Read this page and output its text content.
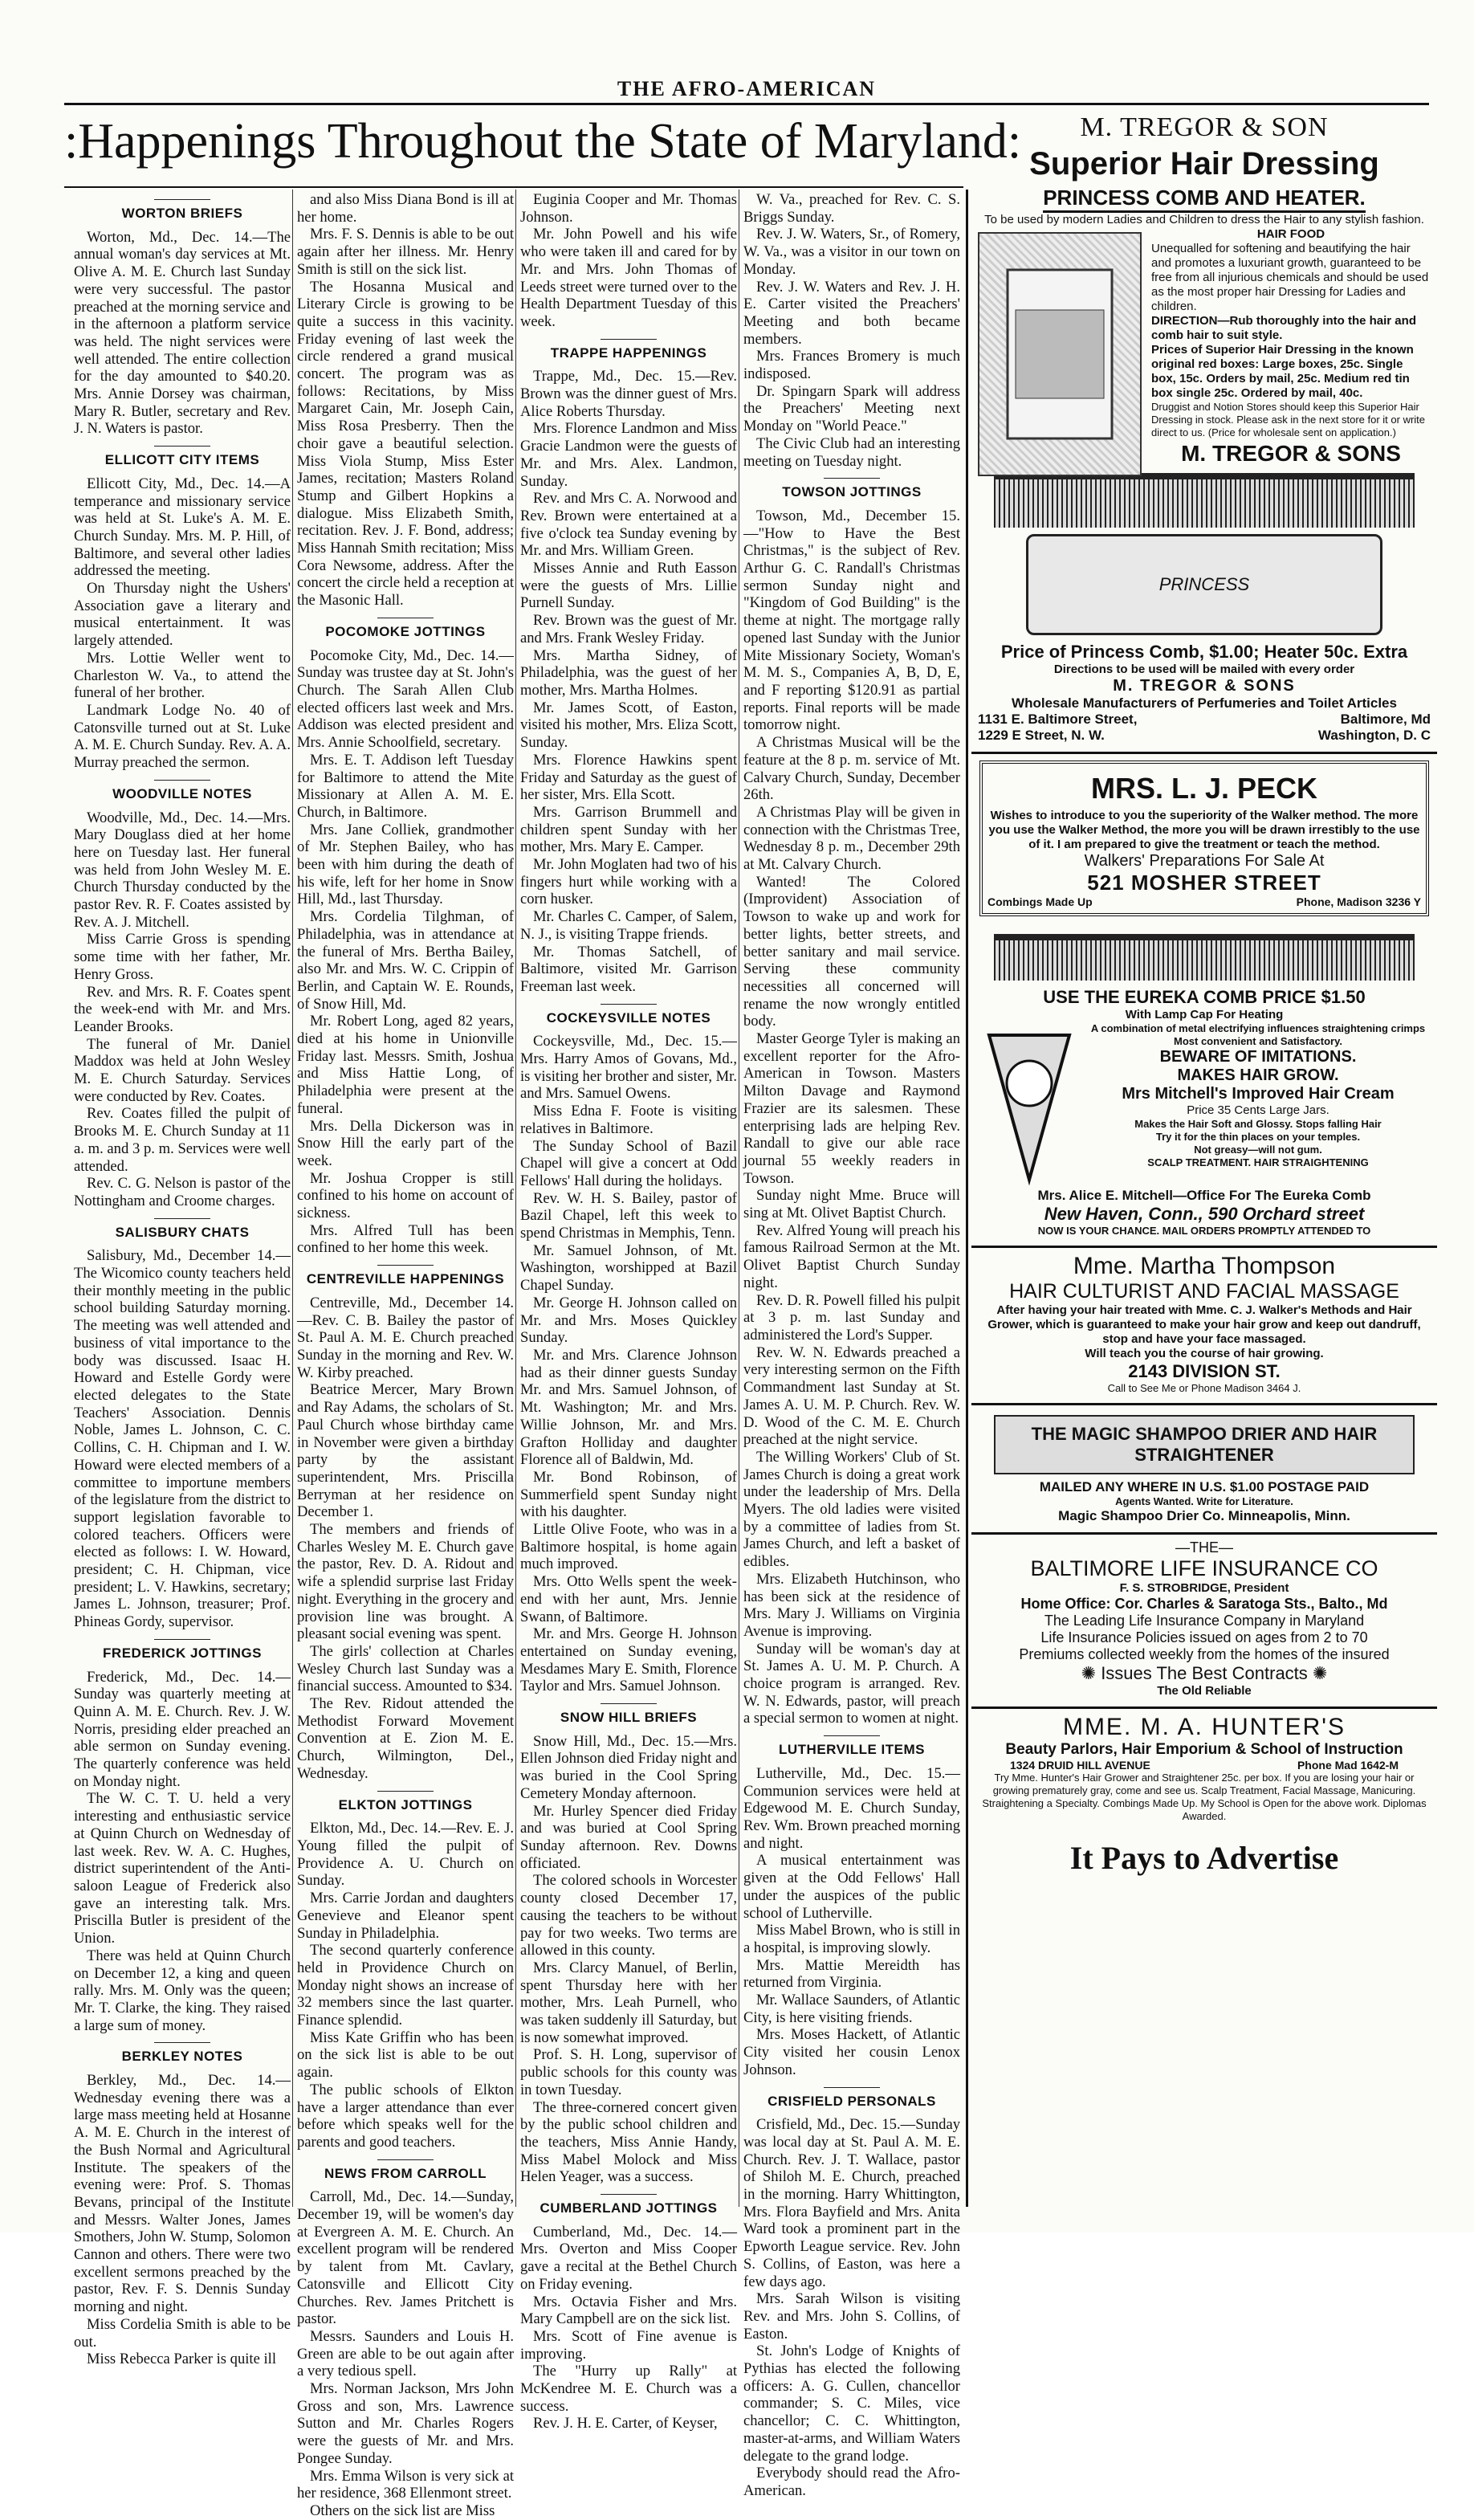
THE AFRO-AMERICAN
:Happenings Throughout the State of Maryland:
WORTON BRIEFS

Worton, Md., Dec. 14.—The annual woman's day services at Mt. Olive A. M. E. Church last Sunday were very successful. The pastor preached at the morning service and in the afternoon a platform service was held. The night services were well attended. The entire collection for the day amounted to $40.20. Mrs. Annie Dorsey was chairman, Mary R. Butler, secretary and Rev. J. N. Waters is pastor.

ELLICOTT CITY ITEMS

Ellicott City, Md., Dec. 14.—A temperance and missionary service was held at St. Luke's A. M. E. Church Sunday. Mrs. M. P. Hill, of Baltimore, and several other ladies addressed the meeting.

On Thursday night the Ushers' Association gave a literary and musical entertainment. It was largely attended.

Mrs. Lottie Weller went to Charleston W. Va., to attend the funeral of her brother.

Landmark Lodge No. 40 of Catonsville turned out at St. Luke A. M. E. Church Sunday. Rev. A. A. Murray preached the sermon.

WOODVILLE NOTES

Woodville, Md., Dec. 14.—Mrs. Mary Douglass died at her home here on Tuesday last. Her funeral was held from John Wesley M. E. Church Thursday conducted by the pastor Rev. R. F. Coates assisted by Rev. A. J. Mitchell.

Miss Carrie Gross is spending some time with her father, Mr. Henry Gross.

Rev. and Mrs. R. F. Coates spent the week-end with Mr. and Mrs. Leander Brooks.

The funeral of Mr. Daniel Maddox was held at John Wesley M. E. Church Saturday. Services were conducted by Rev. Coates.

Rev. Coates filled the pulpit of Brooks M. E. Church Sunday at 11 a. m. and 3 p. m. Services were well attended.

Rev. C. G. Nelson is pastor of the Nottingham and Croome charges.

SALISBURY CHATS

Salisbury, Md., December 14.—The Wicomico county teachers held their monthly meeting in the public school building Saturday morning. The meeting was well attended and business of vital importance to the body was discussed. Isaac H. Howard and Estelle Gordy were elected delegates to the State Teachers' Association. Dennis Noble, James L. Johnson, C. C. Collins, C. H. Chipman and I. W. Howard were elected members of a committee to importune members of the legislature from the district to support legislation favorable to colored teachers. Officers were elected as follows: I. W. Howard, president; C. H. Chipman, vice president; L. V. Hawkins, secretary; James L. Johnson, treasurer; Prof. Phineas Gordy, supervisor.

FREDERICK JOTTINGS

Frederick, Md., Dec. 14.—Sunday was quarterly meeting at Quinn A. M. E. Church. Rev. J. W. Norris, presiding elder preached an able sermon on Sunday evening. The quarterly conference was held on Monday night.

The W. C. T. U. held a very interesting and enthusiastic service at Quinn Church on Wednesday of last week. Rev. W. A. C. Hughes, district superintendent of the Anti-saloon League of Frederick also gave an interesting talk. Mrs. Priscilla Butler is president of the Union.

There was held at Quinn Church on December 12, a king and queen rally. Mrs. M. Only was the queen; Mr. T. Clarke, the king. They raised a large sum of money.

BERKLEY NOTES

Berkley, Md., Dec. 14.—Wednesday evening there was a large mass meeting held at Hosanne A. M. E. Church in the interest of the Bush Normal and Agricultural Institute. The speakers of the evening were: Prof. S. Thomas Bevans, principal of the Institute and Messrs. Walter Jones, James Smothers, John W. Stump, Solomon Cannon and others. There were two excellent sermons preached by the pastor, Rev. F. S. Dennis Sunday morning and night.

Miss Cordelia Smith is able to be out.

Miss Rebecca Parker is quite ill

and also Miss Diana Bond is ill at her home.

Mrs. F. S. Dennis is able to be out again after her illness. Mr. Henry Smith is still on the sick list.

The Hosanna Musical and Literary Circle is growing to be quite a success in this vacinity. Friday evening of last week the circle rendered a grand musical concert. The program was as follows: Recitations, by Miss Margaret Cain, Mr. Joseph Cain, Miss Rosa Presberry. Then the choir gave a beautiful selection. Miss Viola Stump, Miss Ester James, recitation; Masters Roland Stump and Gilbert Hopkins a dialogue. Miss Elizabeth Smith, recitation. Rev. J. F. Bond, address; Miss Hannah Smith recitation; Miss Cora Newsome, address. After the concert the circle held a reception at the Masonic Hall.

POCOMOKE JOTTINGS

Pocomoke City, Md., Dec. 14.—Sunday was trustee day at St. John's Church. The Sarah Allen Club elected officers last week and Mrs. Addison was elected president and Mrs. Annie Schoolfield, secretary.

Mrs. E. T. Addison left Tuesday for Baltimore to attend the Mite Missionary at Allen A. M. E. Church, in Baltimore.

Mrs. Jane Colliek, grandmother of Mr. Stephen Bailey, who has been with him during the death of his wife, left for her home in Snow Hill, Md., last Thursday.

Mrs. Cordelia Tilghman, of Philadelphia, was in attendance at the funeral of Mrs. Bertha Bailey, also Mr. and Mrs. W. C. Crippin of Berlin, and Captain W. E. Rounds, of Snow Hill, Md.

Mr. Robert Long, aged 82 years, died at his home in Unionville Friday last. Messrs. Smith, Joshua and Miss Hattie Long, of Philadelphia were present at the funeral.

Mrs. Della Dickerson was in Snow Hill the early part of the week.

Mr. Joshua Cropper is still confined to his home on account of sickness.

Mrs. Alfred Tull has been confined to her home this week.

CENTREVILLE HAPPENINGS

Centreville, Md., December 14.—Rev. C. B. Bailey the pastor of St. Paul A. M. E. Church preached Sunday in the morning and Rev. W. W. Kirby preached.

Beatrice Mercer, Mary Brown and Ray Adams, the scholars of St. Paul Church whose birthday came in November were given a birthday party by the assistant superintendent, Mrs. Priscilla Berryman at her residence on December 1.

The members and friends of Charles Wesley M. E. Church gave the pastor, Rev. D. A. Ridout and wife a splendid surprise last Friday night. Everything in the grocery and provision line was brought. A pleasant social evening was spent.

The girls' collection at Charles Wesley Church last Sunday was a financial success. Amounted to $34.

The Rev. Ridout attended the Methodist Forward Movement Convention at E. Zion M. E. Church, Wilmington, Del., Wednesday.

ELKTON JOTTINGS

Elkton, Md., Dec. 14.—Rev. E. J. Young filled the pulpit of Providence A. U. Church on Sunday.

Mrs. Carrie Jordan and daughters Genevieve and Eleanor spent Sunday in Philadelphia.

The second quarterly conference held in Providence Church on Monday night shows an increase of 32 members since the last quarter. Finance splendid.

Miss Kate Griffin who has been on the sick list is able to be out again.

The public schools of Elkton have a larger attendance than ever before which speaks well for the parents and good teachers.

NEWS FROM CARROLL

Carroll, Md., Dec. 14.—Sunday, December 19, will be women's day at Evergreen A. M. E. Church. An excellent program will be rendered by talent from Mt. Cavlary, Catonsville and Ellicott City Churches. Rev. James Pritchett is pastor.

Messrs. Saunders and Louis H. Green are able to be out again after a very tedious spell.

Mrs. Norman Jackson, Mrs John Gross and son, Mrs. Lawrence Sutton and Mr. Charles Rogers were the guests of Mr. and Mrs. Pongee Sunday.

Mrs. Emma Wilson is very sick at her residence, 368 Ellenmont street.

Others on the sick list are Miss

Euginia Cooper and Mr. Thomas Johnson.

Mr. John Powell and his wife who were taken ill and cared for by Mr. and Mrs. John Thomas of Leeds street were turned over to the Health Department Tuesday of this week.

TRAPPE HAPPENINGS

Trappe, Md., Dec. 15.—Rev. Brown was the dinner guest of Mrs. Alice Roberts Thursday.

Mrs. Florence Landmon and Miss Gracie Landmon were the guests of Mr. and Mrs. Alex. Landmon, Sunday.

Rev. and Mrs C. A. Norwood and Rev. Brown were entertained at a five o'clock tea Sunday evening by Mr. and Mrs. William Green.

Misses Annie and Ruth Easson were the guests of Mrs. Lillie Purnell Sunday.

Rev. Brown was the guest of Mr. and Mrs. Frank Wesley Friday.

Mrs. Martha Sidney, of Philadelphia, was the guest of her mother, Mrs. Martha Holmes.

Mr. James Scott, of Easton, visited his mother, Mrs. Eliza Scott, Sunday.

Mrs. Florence Hawkins spent Friday and Saturday as the guest of her sister, Mrs. Ella Scott.

Mrs. Garrison Brummell and children spent Sunday with her mother, Mrs. Mary E. Camper.

Mr. John Moglaten had two of his fingers hurt while working with a corn husker.

Mr. Charles C. Camper, of Salem, N. J., is visiting Trappe friends.

Mr. Thomas Satchell, of Baltimore, visited Mr. Garrison Freeman last week.

COCKEYSVILLE NOTES

Cockeysville, Md., Dec. 15.—Mrs. Harry Amos of Govans, Md., is visiting her brother and sister, Mr. and Mrs. Samuel Owens.

Miss Edna F. Foote is visiting relatives in Baltimore.

The Sunday School of Bazil Chapel will give a concert at Odd Fellows' Hall during the holidays.

Rev. W. H. S. Bailey, pastor of Bazil Chapel, left this week to spend Christmas in Memphis, Tenn.

Mr. Samuel Johnson, of Mt. Washington, worshipped at Bazil Chapel Sunday.

Mr. George H. Johnson called on Mr. and Mrs. Moses Quickley Sunday.

Mr. and Mrs. Clarence Johnson had as their dinner guests Sunday Mr. and Mrs. Samuel Johnson, of Mt. Washington; Mr. and Mrs. Willie Johnson, Mr. and Mrs. Grafton Holliday and daughter Florence all of Baldwin, Md.

Mr. Bond Robinson, of Summerfield spent Sunday night with his daughter.

Little Olive Foote, who was in a Baltimore hospital, is home again much improved.

Mrs. Otto Wells spent the week-end with her aunt, Mrs. Jennie Swann, of Baltimore.

Mr. and Mrs. George H. Johnson entertained on Sunday evening, Mesdames Mary E. Smith, Florence Taylor and Mrs. Samuel Johnson.

SNOW HILL BRIEFS

Snow Hill, Md., Dec. 15.—Mrs. Ellen Johnson died Friday night and was buried in the Cool Spring Cemetery Monday afternoon.

Mr. Hurley Spencer died Friday and was buried at Cool Spring Sunday afternoon. Rev. Downs officiated.

The colored schools in Worcester county closed December 17, causing the teachers to be without pay for two weeks. Two terms are allowed in this county.

Mrs. Clarcy Manuel, of Berlin, spent Thursday here with her mother, Mrs. Leah Purnell, who was taken suddenly ill Saturday, but is now somewhat improved.

Prof. S. H. Long, supervisor of public schools for this county was in town Tuesday.

The three-cornered concert given by the public school children and the teachers, Miss Annie Handy, Miss Mabel Molock and Miss Helen Yeager, was a success.

CUMBERLAND JOTTINGS

Cumberland, Md., Dec. 14.—Mrs. Overton and Miss Cooper gave a recital at the Bethel Church on Friday evening.

Mrs. Octavia Fisher and Mrs. Mary Campbell are on the sick list.

Mrs. Scott of Fine avenue is improving.

The "Hurry up Rally" at McKendree M. E. Church was a success.

Rev. J. H. E. Carter, of Keyser,

W. Va., preached for Rev. C. S. Briggs Sunday.

Rev. J. W. Waters, Sr., of Romery, W. Va., was a visitor in our town on Monday.

Rev. J. W. Waters and Rev. J. H. E. Carter visited the Preachers' Meeting and both became members.

Mrs. Frances Bromery is much indisposed.

Dr. Spingarn Spark will address the Preachers' Meeting next Monday on "World Peace."

The Civic Club had an interesting meeting on Tuesday night.

TOWSON JOTTINGS

Towson, Md., December 15.—"How to Have the Best Christmas," is the subject of Rev. Arthur G. C. Randall's Christmas sermon Sunday night and "Kingdom of God Building" is the theme at night. The mortgage rally opened last Sunday with the Junior Mite Missionary Society, Woman's M. M. S., Companies A, B, D, E, and F reporting $120.91 as partial reports. Final reports will be made tomorrow night.

A Christmas Musical will be the feature at the 8 p. m. service of Mt. Calvary Church, Sunday, December 26th.

A Christmas Play will be given in connection with the Christmas Tree, Wednesday 8 p. m., December 29th at Mt. Calvary Church.

Wanted! The Colored (Improvident) Association of Towson to wake up and work for better lights, better streets, and better sanitary and mail service. Serving these community necessities all concerned will rename the now wrongly entitled body.

Master George Tyler is making an excellent reporter for the Afro-American in Towson. Masters Milton Davage and Raymond Frazier are its salesmen. These enterprising lads are helping Rev. Randall to give our able race journal 55 weekly readers in Towson.

Sunday night Mme. Bruce will sing at Mt. Olivet Baptist Church.

Rev. Alfred Young will preach his famous Railroad Sermon at the Mt. Olivet Baptist Church Sunday night.

Rev. D. R. Powell filled his pulpit at 3 p. m. last Sunday and administered the Lord's Supper.

Rev. W. N. Edwards preached a very interesting sermon on the Fifth Commandment last Sunday at St. James A. U. M. P. Church. Rev. W. D. Wood of the C. M. E. Church preached at the night service.

The Willing Workers' Club of St. James Church is doing a great work under the leadership of Mrs. Della Myers. The old ladies were visited by a committee of ladies from St. James Church, and left a basket of edibles.

Mrs. Elizabeth Hutchinson, who has been sick at the residence of Mrs. Mary J. Williams on Virginia Avenue is improving.

Sunday will be woman's day at St. James A. U. M. P. Church. A choice program is arranged. Rev. W. N. Edwards, pastor, will preach a special sermon to women at night.

LUTHERVILLE ITEMS

Lutherville, Md., Dec. 15.—Communion services were held at Edgewood M. E. Church Sunday, Rev. Wm. Brown preached morning and night.

A musical entertainment was given at the Odd Fellows' Hall under the auspices of the public school of Lutherville.

Miss Mabel Brown, who is still in a hospital, is improving slowly.

Mrs. Mattie Mereidth has returned from Virginia.

Mr. Wallace Saunders, of Atlantic City, is here visiting friends.

Mrs. Moses Hackett, of Atlantic City visited her cousin Lenox Johnson.

CRISFIELD PERSONALS

Crisfield, Md., Dec. 15.—Sunday was local day at St. Paul A. M. E. Church. Rev. J. T. Wallace, pastor of Shiloh M. E. Church, preached in the morning. Harry Whittington, Mrs. Flora Bayfield and Mrs. Anita Ward took a prominent part in the Epworth League service. Rev. John S. Collins, of Easton, was here a few days ago.

Mrs. Sarah Wilson is visiting Rev. and Mrs. John S. Collins, of Easton.

St. John's Lodge of Knights of Pythias has elected the following officers: A. G. Cullen, chancellor commander; S. C. Miles, vice chancellor; C. C. Whittington, master-at-arms, and William Waters delegate to the grand lodge.

Everybody should read the Afro-American.

M. TREGOR & SON
Superior Hair Dressing
PRINCESS COMB AND HEATER.
To be used by modern Ladies and Children to dress the Hair to any stylish fashion.
HAIR FOOD
Unequalled for softening and beautifying the hair and promotes a luxuriant growth, guaranteed to be free from all injurious chemicals and should be used as the most proper hair Dressing for Ladies and children.
DIRECTION—Rub thoroughly into the hair and comb hair to suit style.
Prices of Superior Hair Dressing in the known original red boxes: Large boxes, 25c. Single box, 15c. Orders by mail, 25c. Medium red tin box single 25c. Ordered by mail, 40c.
Druggist and Notion Stores should keep this Superior Hair Dressing in stock. Please ask in the next store for it or write direct to us. (Price for wholesale sent on application.)
M. TREGOR & SONS
PRINCESS
Price of Princess Comb, $1.00; Heater 50c. Extra
Directions to be used will be mailed with every order
M. TREGOR & SONS
Wholesale Manufacturers of Perfumeries and Toilet Articles
1131 E. Baltimore Street,	Baltimore, Md
1229 E Street, N. W.	Washington, D. C
MRS. L. J. PECK
Wishes to introduce to you the superiority of the Walker method. The more you use the Walker Method, the more you will be drawn irrestibly to the use of it. I am prepared to give the treatment or teach the method.
Walkers' Preparations For Sale At
521 MOSHER STREET
Combings Made Up	Phone, Madison 3236 Y
USE THE EUREKA COMB PRICE $1.50
With Lamp Cap For Heating
A combination of metal electrifying influences straightening crimps Most convenient and Satisfactory.
BEWARE OF IMITATIONS.
MAKES HAIR GROW.
Mrs Mitchell's Improved Hair Cream
Price 35 Cents Large Jars.
Makes the Hair Soft and Glossy. Stops falling Hair
Try it for the thin places on your temples.
Not greasy—will not gum.
SCALP TREATMENT. HAIR STRAIGHTENING
Mrs. Alice E. Mitchell—Office For The Eureka Comb
New Haven, Conn., 590 Orchard street
NOW IS YOUR CHANCE. MAIL ORDERS PROMPTLY ATTENDED TO
Mme. Martha Thompson
HAIR CULTURIST AND FACIAL MASSAGE
After having your hair treated with Mme. C. J. Walker's Methods and Hair Grower, which is guaranteed to make your hair grow and keep out dandruff, stop and have your face massaged.
Will teach you the course of hair growing.
2143 DIVISION ST.
Call to See Me or Phone Madison 3464 J.
THE MAGIC SHAMPOO DRIER AND HAIR STRAIGHTENER
MAILED ANY WHERE IN U.S. $1.00 POSTAGE PAID
Agents Wanted. Write for Literature.
Magic Shampoo Drier Co. Minneapolis, Minn.
—THE—
BALTIMORE LIFE INSURANCE CO
F. S. STROBRIDGE, President
Home Office: Cor. Charles & Saratoga Sts., Balto., Md
The Leading Life Insurance Company in Maryland
Life Insurance Policies issued on ages from 2 to 70
Premiums collected weekly from the homes of the insured
✺ Issues The Best Contracts ✺
The Old Reliable
MME. M. A. HUNTER'S
Beauty Parlors, Hair Emporium & School of Instruction
1324 DRUID HILL AVENUE	Phone Mad 1642-M
Try Mme. Hunter's Hair Grower and Straightener 25c. per box. If you are losing your hair or growing prematurely gray, come and see us. Scalp Treatment, Facial Massage, Manicuring. Straightening a Specialty. Combings Made Up. My School is Open for the above work. Diplomas Awarded.
It Pays to Advertise
